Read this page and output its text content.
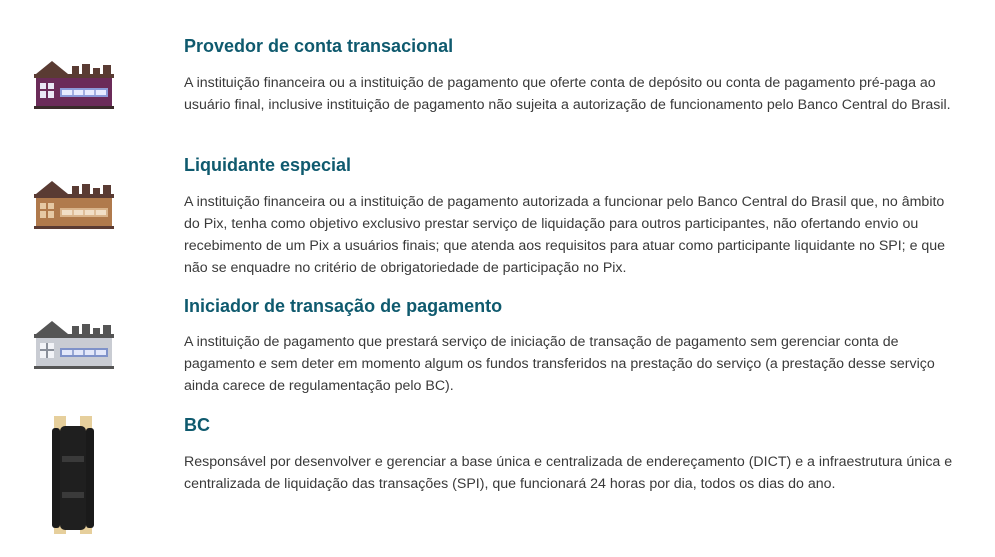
Provedor de conta transacional

A instituição financeira ou a instituição de pagamento que oferte conta de depósito ou conta de pagamento pré-paga ao usuário final, inclusive instituição de pagamento não sujeita a autorização de funcionamento pelo Banco Central do Brasil.

Liquidante especial

A instituição financeira ou a instituição de pagamento autorizada a funcionar pelo Banco Central do Brasil que, no âmbito do Pix, tenha como objetivo exclusivo prestar serviço de liquidação para outros participantes, não ofertando envio ou recebimento de um Pix a usuários finais; que atenda aos requisitos para atuar como participante liquidante no SPI; e que não se enquadre no critério de obrigatoriedade de participação no Pix.

Iniciador de transação de pagamento

A instituição de pagamento que prestará serviço de iniciação de transação de pagamento sem gerenciar conta de pagamento e sem deter em momento algum os fundos transferidos na prestação do serviço (a prestação desse serviço ainda carece de regulamentação pelo BC).

BC

Responsável por desenvolver e gerenciar a base única e centralizada de endereçamento (DICT) e a infraestrutura única e centralizada de liquidação das transações (SPI), que funcionará 24 horas por dia, todos os dias do ano.
